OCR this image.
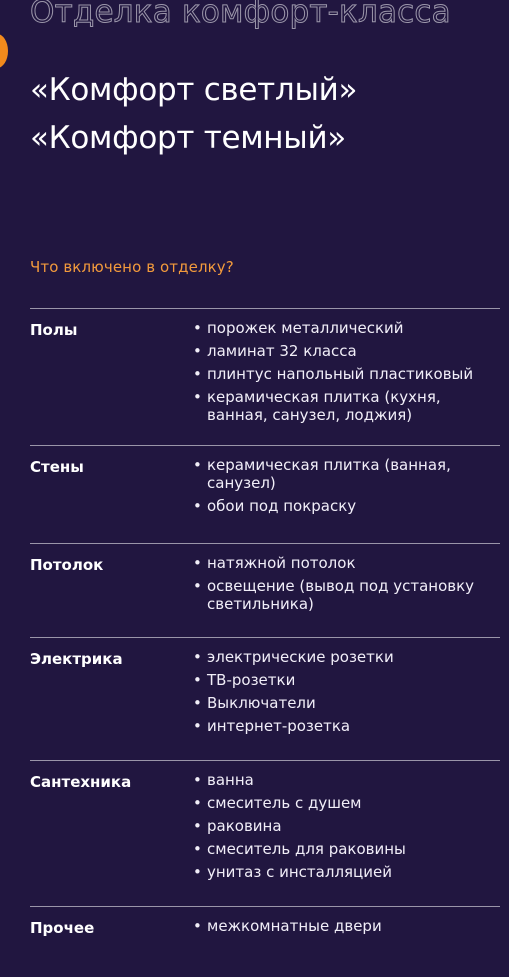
Отделка комфорт-класса
«Комфорт светлый»
«Комфорт темный»
Что включено в отделку?
Полы	• порожек металлический
• ламинат 32 класса
• плинтус напольный пластиковый
• керамическая плитка (кухня, ванная, санузел, лоджия)
Стены	• керамическая плитка (ванная, санузел)
• обои под покраску
Потолок	• натяжной потолок
• освещение (вывод под установку светильника)
Электрика	• электрические розетки
• ТВ-розетки
• Выключатели
• интернет-розетка
Сантехника	• ванна
• смеситель с душем
• раковина
• смеситель для раковины
• унитаз с инсталляцией
Прочее	• межкомнатные двери
